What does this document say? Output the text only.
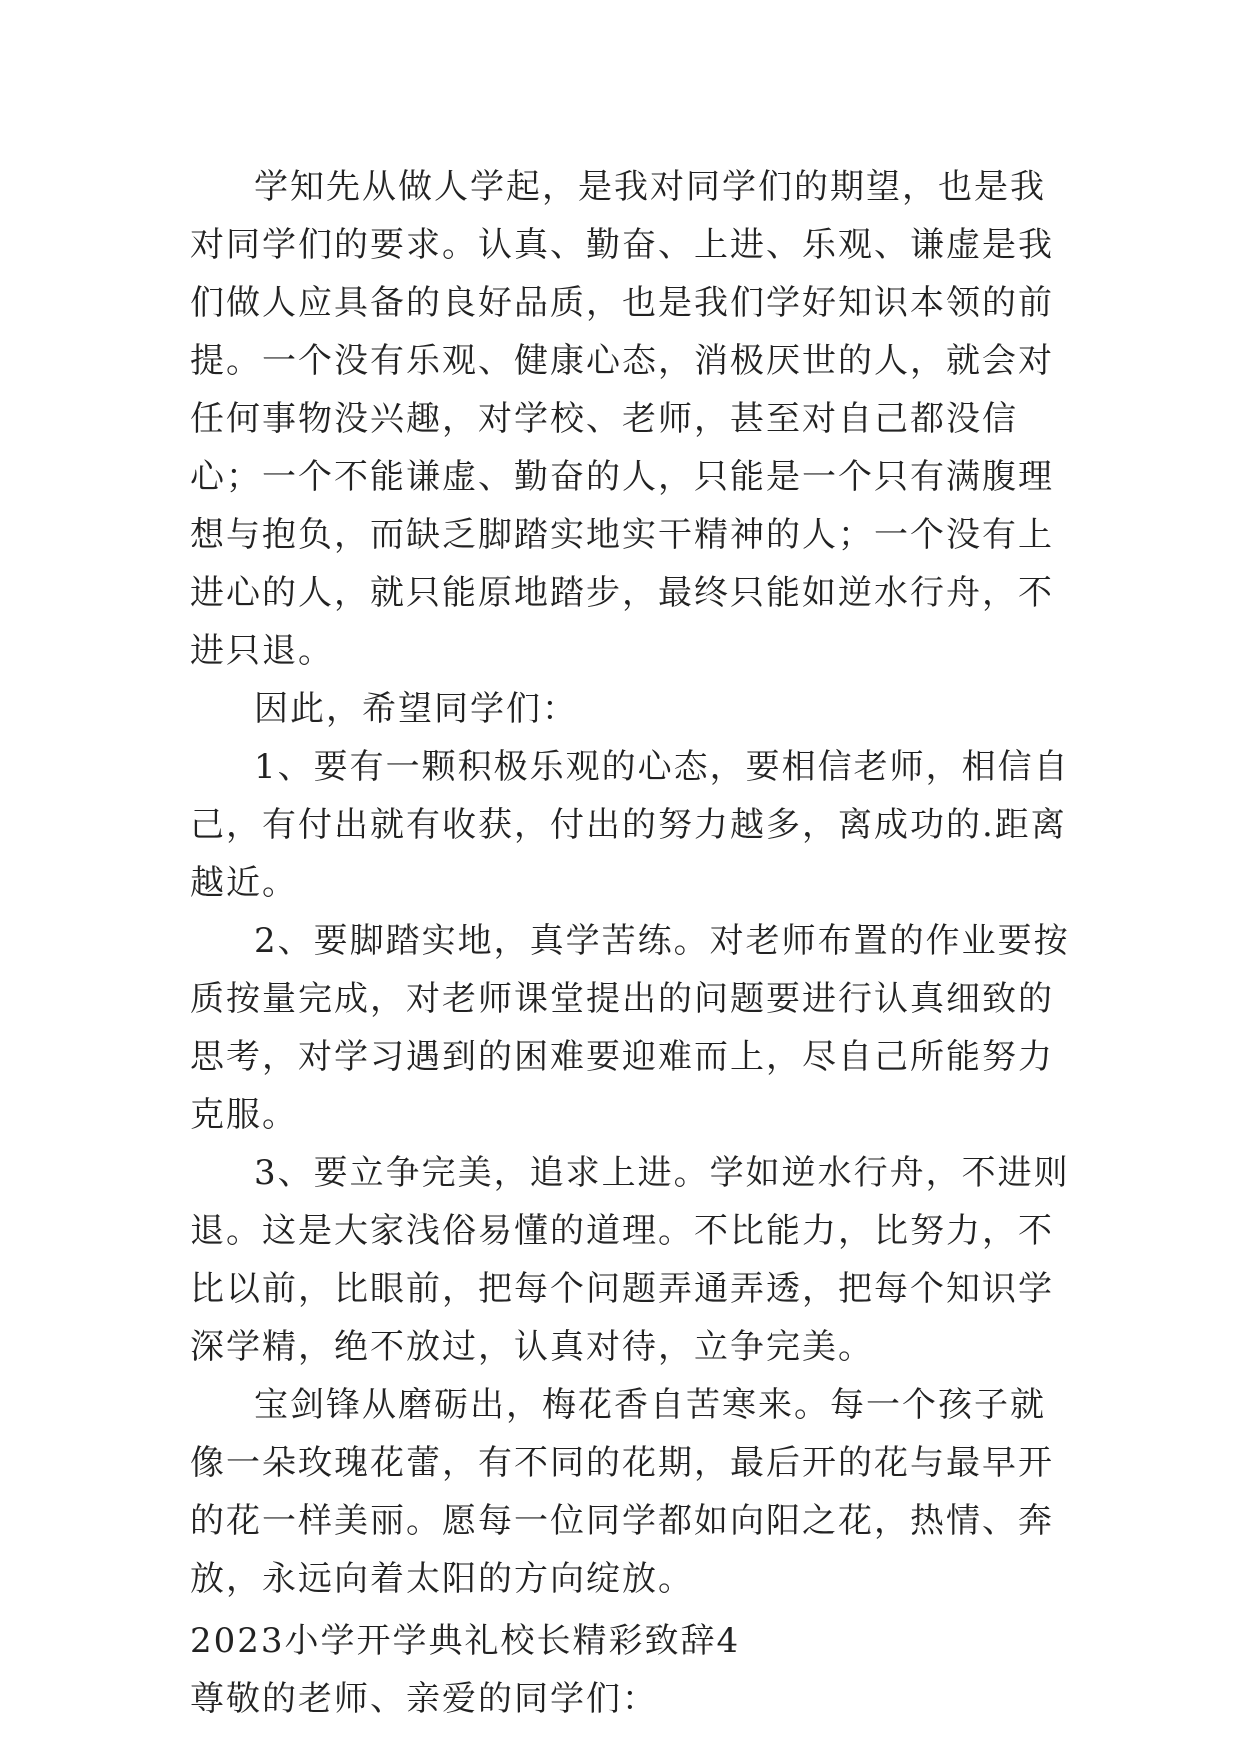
学知先从做人学起，是我对同学们的期望，也是我对同学们的要求。认真、勤奋、上进、乐观、谦虚是我们做人应具备的良好品质，也是我们学好知识本领的前提。一个没有乐观、健康心态，消极厌世的人，就会对任何事物没兴趣，对学校、老师，甚至对自己都没信心；一个不能谦虚、勤奋的人，只能是一个只有满腹理想与抱负，而缺乏脚踏实地实干精神的人；一个没有上进心的人，就只能原地踏步，最终只能如逆水行舟，不进只退。

因此，希望同学们：

1、要有一颗积极乐观的心态，要相信老师，相信自己，有付出就有收获，付出的努力越多，离成功的.距离越近。

2、要脚踏实地，真学苦练。对老师布置的作业要按质按量完成，对老师课堂提出的问题要进行认真细致的思考，对学习遇到的困难要迎难而上，尽自己所能努力克服。

3、要立争完美，追求上进。学如逆水行舟，不进则退。这是大家浅俗易懂的道理。不比能力，比努力，不比以前，比眼前，把每个问题弄通弄透，把每个知识学深学精，绝不放过，认真对待，立争完美。

宝剑锋从磨砺出，梅花香自苦寒来。每一个孩子就像一朵玫瑰花蕾，有不同的花期，最后开的花与最早开的花一样美丽。愿每一位同学都如向阳之花，热情、奔放，永远向着太阳的方向绽放。

2023小学开学典礼校长精彩致辞4

尊敬的老师、亲爱的同学们：
